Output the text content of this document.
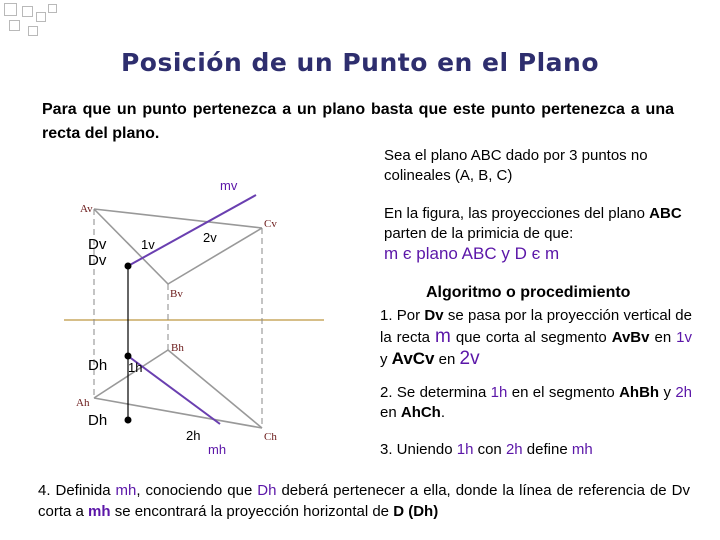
Posición de un Punto en el Plano
Para que un punto pertenezca a un plano basta que este punto pertenezca a una recta del plano.
mv
Av
Cv
Dv
Dv
1v	2v
Bv
Dh 1h
Bh
Ah
Dh
2h
mh
Ch
Sea el plano ABC dado por 3 puntos no colineales (A, B, C)
En la figura, las proyecciones del plano ABC parten de la primicia de que:
m є plano ABC y D є m
Algoritmo o procedimiento
1. Por Dv se pasa por la proyección vertical de la recta m que corta al segmento AvBv en 1v y AvCv en 2v
2. Se determina 1h en el segmento AhBh y 2h en AhCh.
3. Uniendo 1h con 2h define mh
4. Definida mh, conociendo que Dh deberá pertenecer a ella, donde la línea de referencia de Dv corta a mh se encontrará la proyección horizontal de D (Dh)
